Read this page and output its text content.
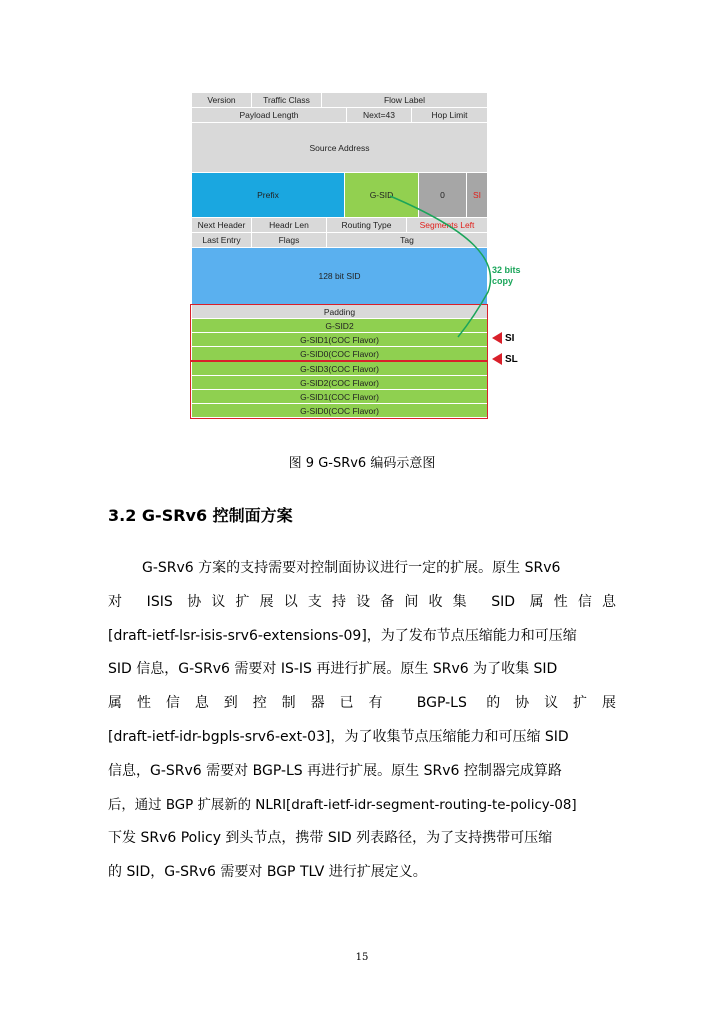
Version	Traffic Class	Flow Label
Payload Length	Next=43	Hop Limit
Source Address
Prefix	G-SID	0	SI
Next Header	Headr Len	Routing Type	Segments Left
Last Entry	Flags	Tag
128 bit SID
Padding
G-SID2
G-SID1(COC Flavor)
G-SID0(COC Flavor)
G-SID3(COC Flavor)
G-SID2(COC Flavor)
G-SID1(COC Flavor)
G-SID0(COC Flavor)
32 bits
copy
SI
SL
图 9 G-SRv6 编码示意图
3.2 G-SRv6 控制面方案
G-SRv6 方案的支持需要对控制面协议进行一定的扩展。原生 SRv6
对 ISIS 协议扩展以支持设备间收集 SID 属性信息
[draft-ietf-lsr-isis-srv6-extensions-09]，为了发布节点压缩能力和可压缩
SID 信息，G-SRv6 需要对 IS-IS 再进行扩展。原生 SRv6 为了收集 SID
属性信息到控制器已有 BGP-LS 的协议扩展
[draft-ietf-idr-bgpls-srv6-ext-03]，为了收集节点压缩能力和可压缩 SID
信息，G-SRv6 需要对 BGP-LS 再进行扩展。原生 SRv6 控制器完成算路
后，通过 BGP 扩展新的 NLRI[draft-ietf-idr-segment-routing-te-policy-08]
下发 SRv6 Policy 到头节点，携带 SID 列表路径，为了支持携带可压缩
的 SID，G-SRv6 需要对 BGP TLV 进行扩展定义。
15
